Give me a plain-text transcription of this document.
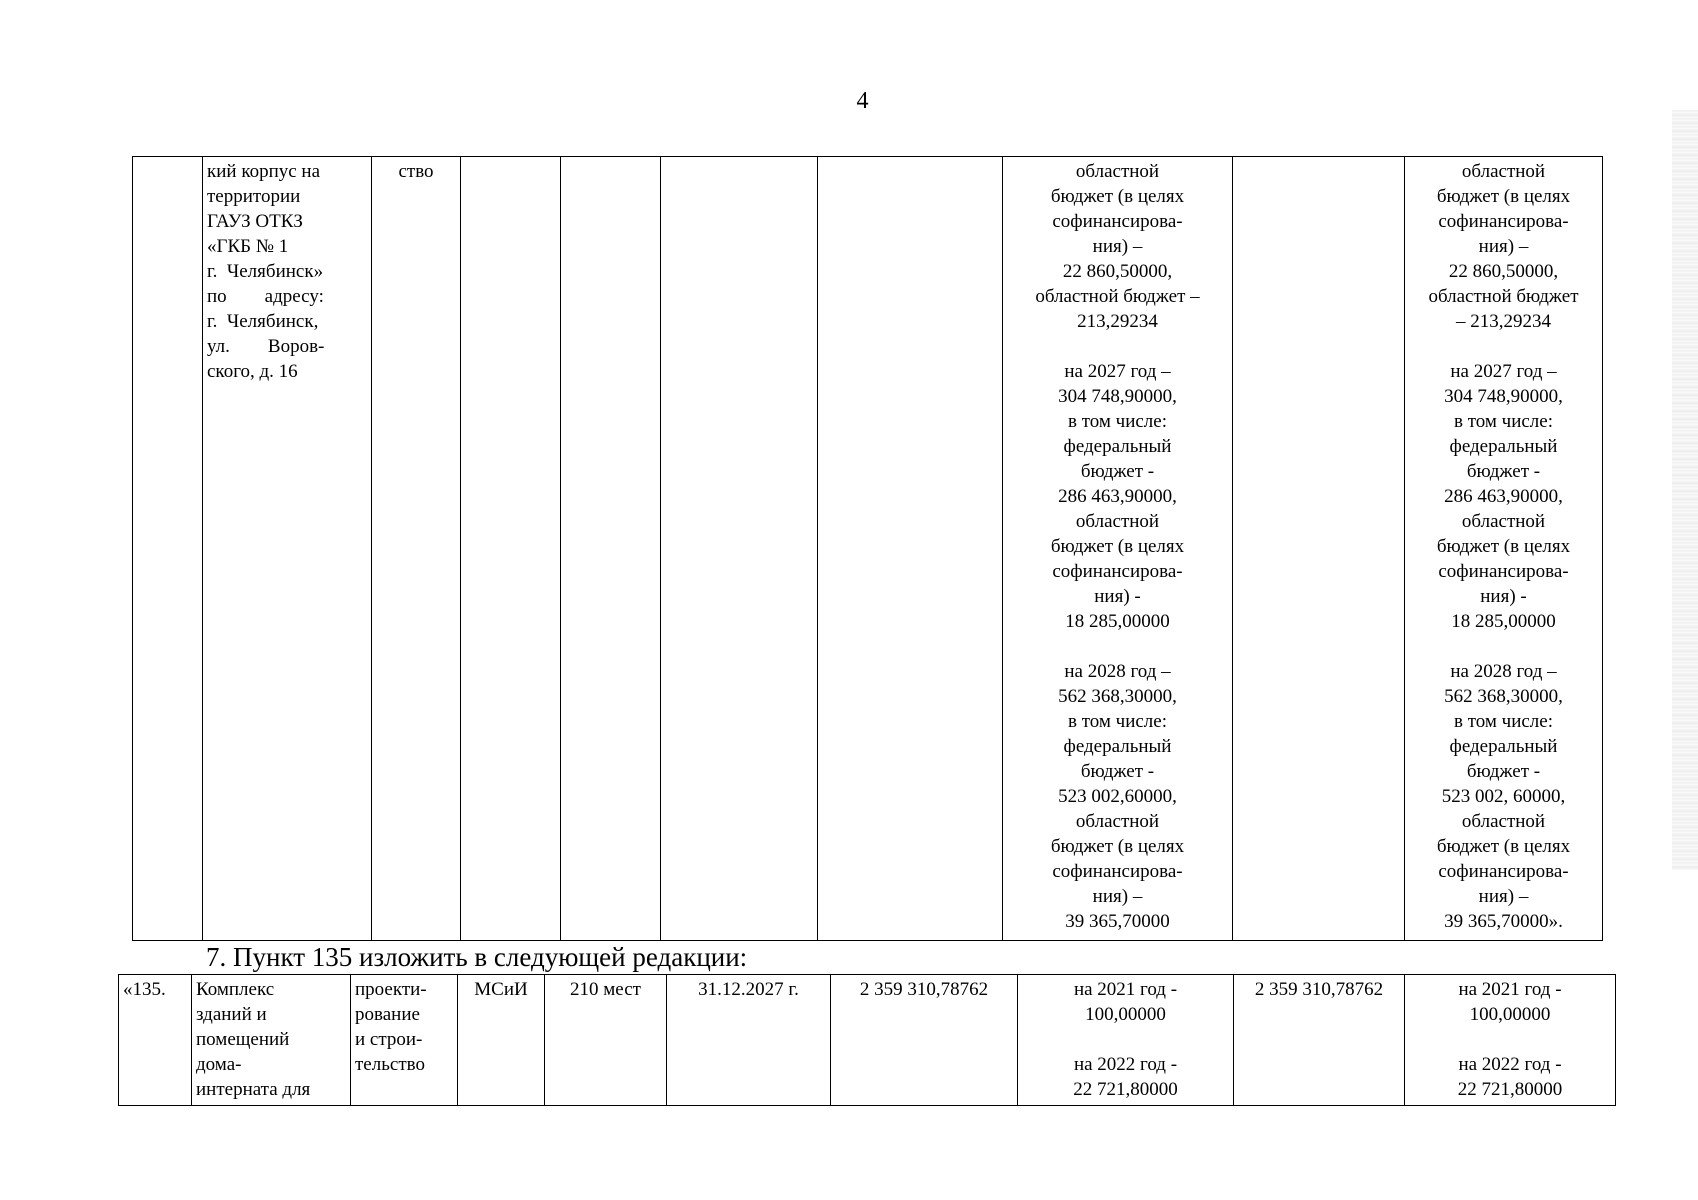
4
	кий корпус на
территории
ГАУЗ ОТКЗ
«ГКБ № 1
г.  Челябинск»
по        адресу:
г.  Челябинск,
ул.        Воров-
ского, д. 16	ство					областной
бюджет (в целях
софинансирова-
ния) –
22 860,50000,
областной бюджет –
213,29234

на 2027 год –
304 748,90000,
в том числе:
федеральный
бюджет -
286 463,90000,
областной
бюджет (в целях
софинансирова-
ния) -
18 285,00000

на 2028 год –
562 368,30000,
в том числе:
федеральный
бюджет -
523 002,60000,
областной
бюджет (в целях
софинансирова-
ния) –
39 365,70000		областной
бюджет (в целях
софинансирова-
ния) –
22 860,50000,
областной бюджет
– 213,29234

на 2027 год –
304 748,90000,
в том числе:
федеральный
бюджет -
286 463,90000,
областной
бюджет (в целях
софинансирова-
ния) -
18 285,00000

на 2028 год –
562 368,30000,
в том числе:
федеральный
бюджет -
523 002, 60000,
областной
бюджет (в целях
софинансирова-
ния) –
39 365,70000».
7. Пункт 135 изложить в следующей редакции:
«135.	Комплекс
зданий и
помещений
дома-
интерната для	проекти-
рование
и строи-
тельство	МСиИ	210 мест	31.12.2027 г.	2 359 310,78762	на 2021 год -
100,00000

на 2022 год -
22 721,80000	2 359 310,78762	на 2021 год -
100,00000

на 2022 год -
22 721,80000
